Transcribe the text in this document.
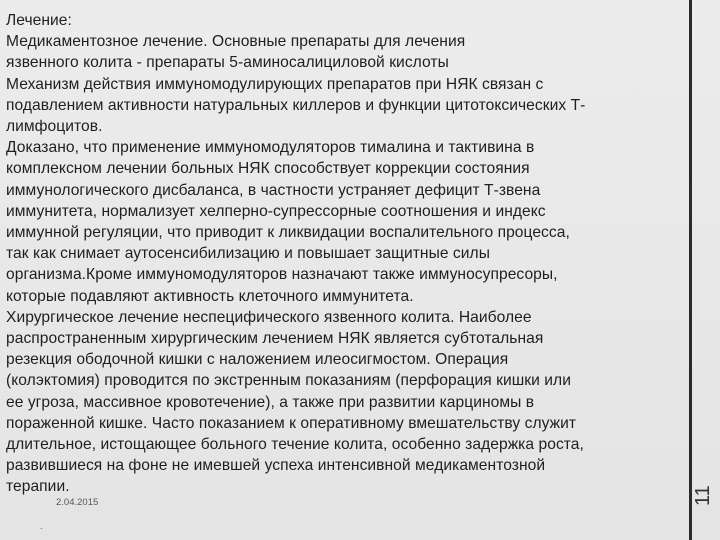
Лечение:
Медикаментозное лечение. Основные препараты для лечения
язвенного колита - препараты 5-аминосалициловой кислоты
Механизм действия иммуномодулирующих препаратов при НЯК связан с
подавлением активности натуральных киллеров и функции цитотоксических Т-
лимфоцитов.

Доказано, что применение иммуномодуляторов тималина и тактивина в
комплексном лечении больных НЯК способствует коррекции состояния
иммунологического дисбаланса, в частности устраняет дефицит Т-звена
иммунитета, нормализует хелперно-супрессорные соотношения и индекс
иммунной регуляции, что приводит к ликвидации воспалительного процесса,
так как снимает аутосенсибилизацию и повышает защитные силы
организма.Кроме иммуномодуляторов назначают также иммуносупресоры,
которые подавляют активность клеточного иммунитета.

Хирургическое лечение неспецифического язвенного колита. Наиболее
распространенным хирургическим лечением НЯК является субтотальная
резекция ободочной кишки с наложением илеосигмостом. Операция
(колэктомия) проводится по экстренным показаниям (перфорация кишки или
ее угроза, массивное кровотечение), а также при развитии карциномы в
пораженной кишке. Часто показанием к оперативному вмешательству служит
длительное, истощающее больного течение колита, особенно задержка роста,
развившиеся на фоне не имевшей успеха интенсивной медикаментозной
терапии.

2.04.2015
.
11
